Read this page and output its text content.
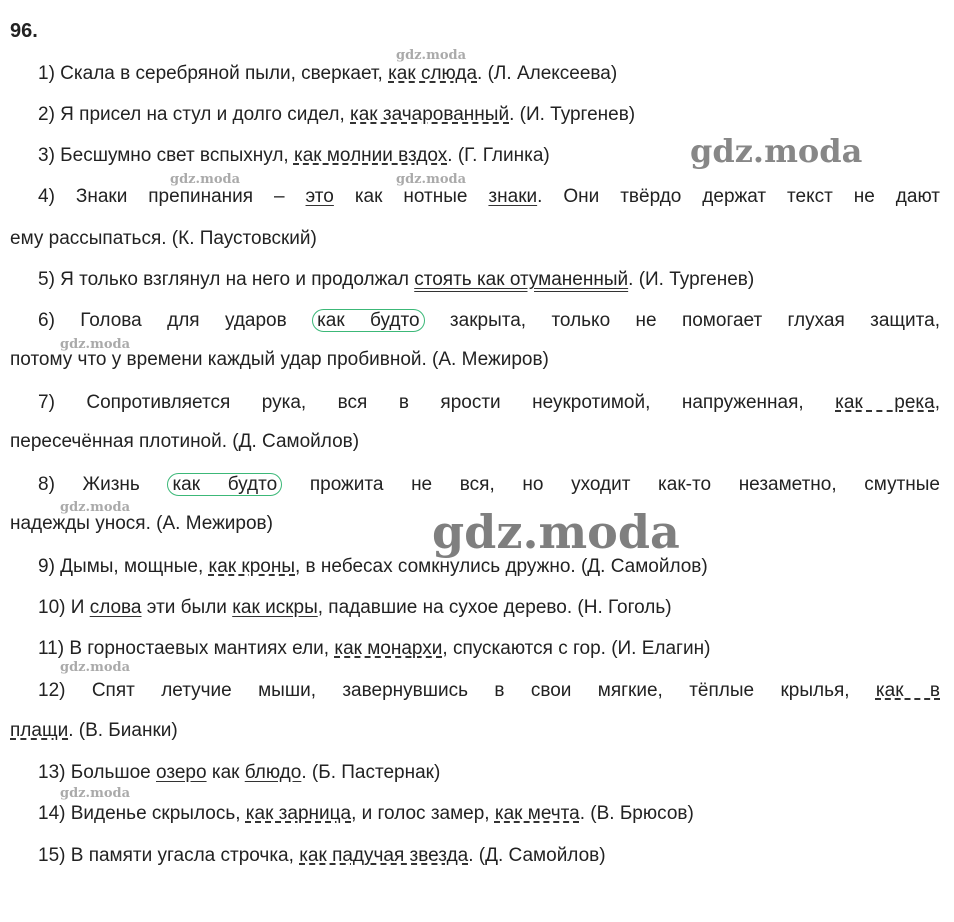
96.
1) Скала в серебряной пыли, сверкает, как слюда. (Л. Алексеева)
2) Я присел на стул и долго сидел, как зачарованный. (И. Тургенев)
3) Бесшумно свет вспыхнул, как молнии вздох. (Г. Глинка)
4) Знаки препинания – это как нотные знаки. Они твёрдо держат текст не дают
ему рассыпаться. (К. Паустовский)
5) Я только взглянул на него и продолжал стоять как отуманенный. (И. Тургенев)
6) Голова для ударов как будто закрыта, только не помогает глухая защита,
потому что у времени каждый удар пробивной. (А. Межиров)
7) Сопротивляется рука, вся в ярости неукротимой, напруженная, как река,
пересечённая плотиной. (Д. Самойлов)
8) Жизнь как будто прожита не вся, но уходит как-то незаметно, смутные
надежды унося. (А. Межиров)
9) Дымы, мощные, как кроны, в небесах сомкнулись дружно. (Д. Самойлов)
10) И слова эти были как искры, падавшие на сухое дерево. (Н. Гоголь)
11) В горностаевых мантиях ели, как монархи, спускаются с гор. (И. Елагин)
12) Спят летучие мыши, завернувшись в свои мягкие, тёплые крылья, как в
плащи. (В. Бианки)
13) Большое озеро как блюдо. (Б. Пастернак)
14) Виденье скрылось, как зарница, и голос замер, как мечта. (В. Брюсов)
15) В памяти угасла строчка, как падучая звезда. (Д. Самойлов)
gdz.moda
gdz.moda
gdz.moda	gdz.moda
gdz.moda
gdz.moda	gdz.moda
gdz.moda
gdz.moda
